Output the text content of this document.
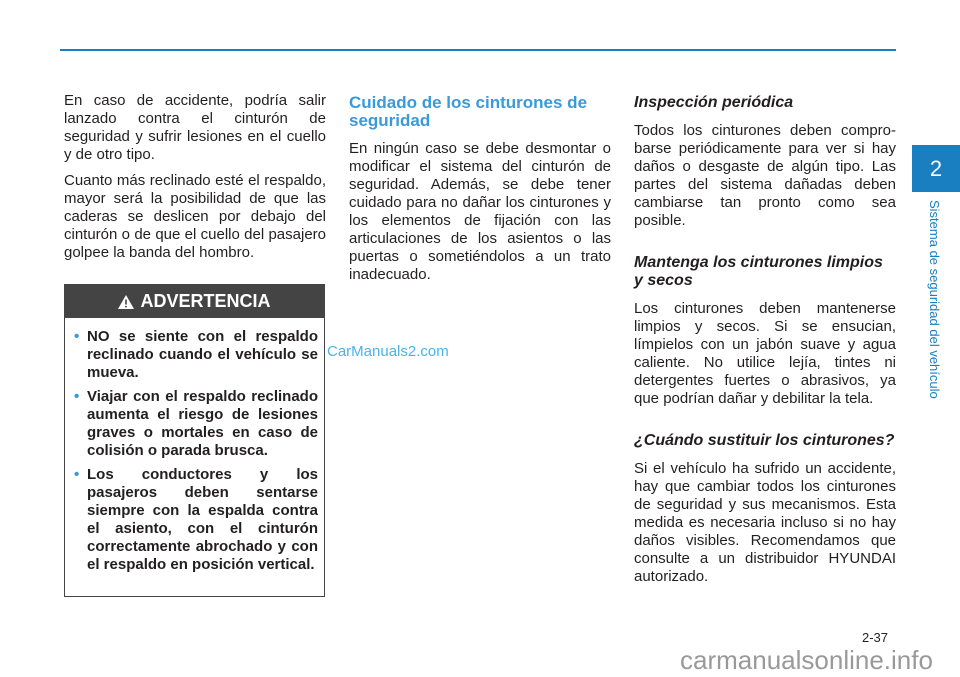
En caso de accidente, podría salir lanzado contra el cinturón de seguridad y sufrir lesiones en el cuello y de otro tipo.

Cuanto más reclinado esté el respaldo, mayor será la posibilidad de que las caderas se deslicen por debajo del cinturón o de que el cuello del pasajero golpee la banda del hombro.

ADVERTENCIA
• NO se siente con el respaldo reclinado cuando el vehículo se mueva.
• Viajar con el respaldo reclinado aumenta el riesgo de lesiones graves o mortales en caso de colisión o parada brusca.
• Los conductores y los pasajeros deben sentarse siempre con la espalda contra el asiento, con el cinturón correctamente abrochado y con el respaldo en posición vertical.
CarManuals2.com
Cuidado de los cinturones de seguridad

En ningún caso se debe desmontar o modificar el sistema del cinturón de seguridad. Además, se debe tener cuidado para no dañar los cinturones y los elementos de fijación con las articulaciones de los asientos o las puertas o sometiéndolos a un trato inadecuado.

Inspección periódica

Todos los cinturones deben compro-barse periódicamente para ver si hay daños o desgaste de algún tipo. Las partes del sistema dañadas deben cambiarse tan pronto como sea posible.

Mantenga los cinturones limpios y secos

Los cinturones deben mantenerse limpios y secos. Si se ensucian, límpielos con un jabón suave y agua caliente. No utilice lejía, tintes ni detergentes fuertes o abrasivos, ya que podrían dañar y debilitar la tela.

¿Cuándo sustituir los cinturones?

Si el vehículo ha sufrido un accidente, hay que cambiar todos los cinturones de seguridad y sus mecanismos. Esta medida es necesaria incluso si no hay daños visibles. Recomendamos que consulte a un distribuidor HYUNDAI autorizado.

2
Sistema de seguridad del vehículo
2-37
carmanualsonline.info
